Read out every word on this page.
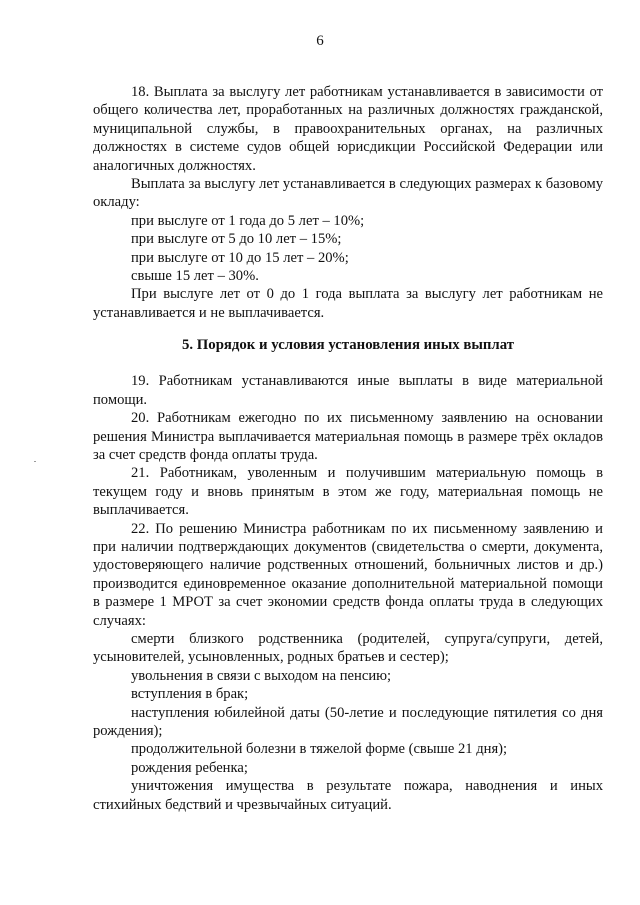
6

18. Выплата за выслугу лет работникам устанавливается в зависимости от общего количества лет, проработанных на различных должностях гражданской, муниципальной службы, в правоохранительных органах, на различных должностях в системе судов общей юрисдикции Российской Федерации или аналогичных должностях.

Выплата за выслугу лет устанавливается в следующих размерах к базовому окладу:

при выслуге от 1 года до 5 лет – 10%;

при выслуге от 5 до 10 лет – 15%;

при выслуге от 10 до 15 лет – 20%;

свыше 15 лет – 30%.

При выслуге лет от 0 до 1 года выплата за выслугу лет работникам не устанавливается и не выплачивается.

5. Порядок и условия установления иных выплат

19. Работникам устанавливаются иные выплаты в виде материальной помощи.

20. Работникам ежегодно по их письменному заявлению на основании решения Министра выплачивается материальная помощь в размере трёх окладов за счет средств фонда оплаты труда.

21. Работникам, уволенным и получившим материальную помощь в текущем году и вновь принятым в этом же году, материальная помощь не выплачивается.

22. По решению Министра работникам по их письменному заявлению и при наличии подтверждающих документов (свидетельства о смерти, документа, удостоверяющего наличие родственных отношений, больничных листов и др.) производится единовременное оказание дополнительной материальной помощи в размере 1 МРОТ за счет экономии средств фонда оплаты труда в следующих случаях:

смерти близкого родственника (родителей, супруга/супруги, детей, усыновителей, усыновленных, родных братьев и сестер);

увольнения в связи с выходом на пенсию;

вступления в брак;

наступления юбилейной даты (50-летие и последующие пятилетия со дня рождения);

продолжительной болезни в тяжелой форме (свыше 21 дня);

рождения ребенка;

уничтожения имущества в результате пожара, наводнения и иных стихийных бедствий и чрезвычайных ситуаций.
